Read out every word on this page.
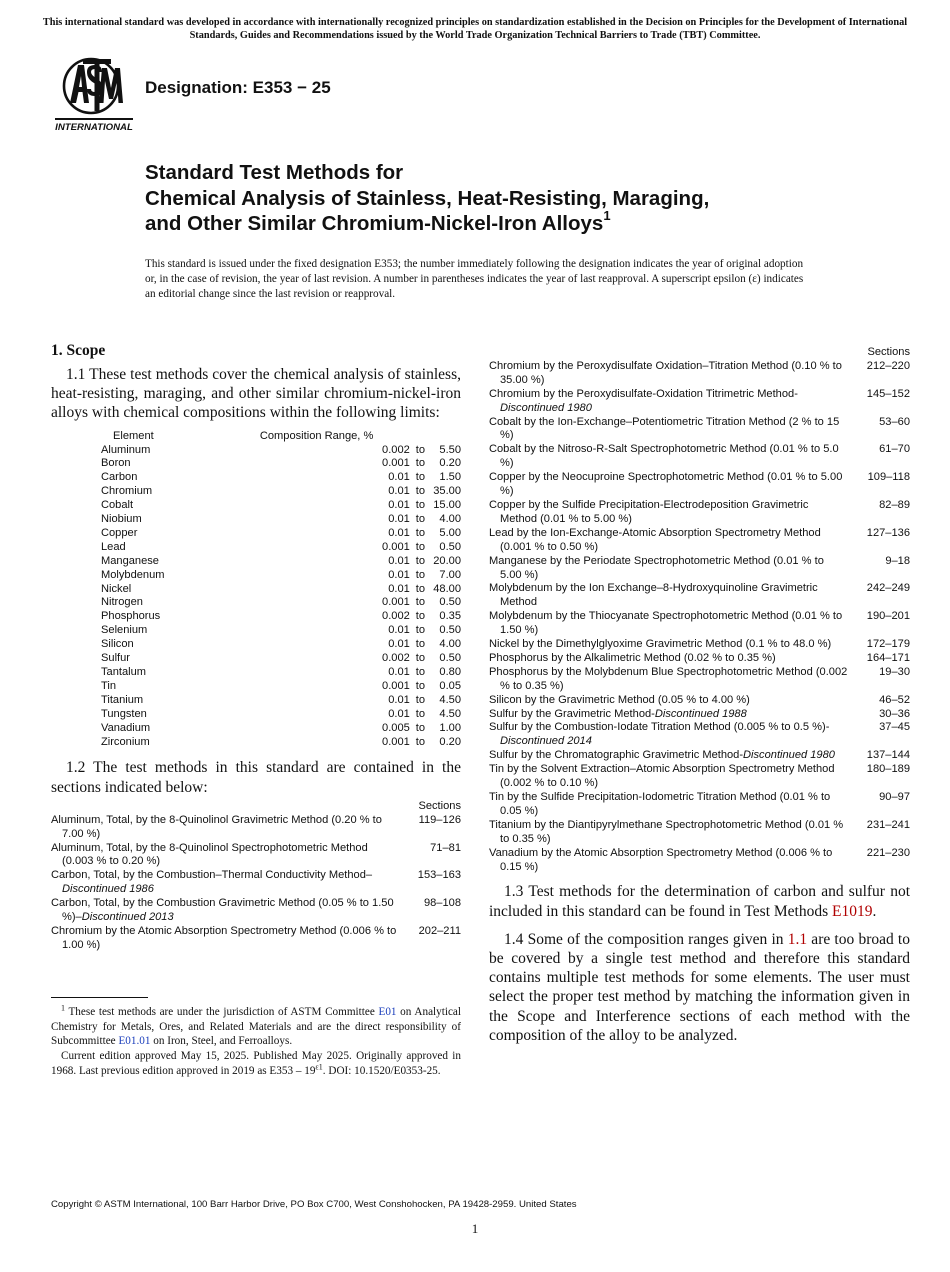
This international standard was developed in accordance with internationally recognized principles on standardization established in the Decision on Principles for the Development of International Standards, Guides and Recommendations issued by the World Trade Organization Technical Barriers to Trade (TBT) Committee.
INTERNATIONAL
Designation: E353 − 25
Standard Test Methods for
Chemical Analysis of Stainless, Heat-Resisting, Maraging,
and Other Similar Chromium-Nickel-Iron Alloys$^1$
This standard is issued under the fixed designation E353; the number immediately following the designation indicates the year of original adoption or, in the case of revision, the year of last revision. A number in parentheses indicates the year of last reapproval. A superscript epsilon (ε) indicates an editorial change since the last revision or reapproval.
1. Scope

1.1 These test methods cover the chemical analysis of stainless, heat-resisting, maraging, and other similar chromium-nickel-iron alloys with chemical compositions within the following limits:

Element	Composition Range, %		
Aluminum	0.002	to	5.50
Boron	0.001	to	0.20
Carbon	0.01	to	1.50
Chromium	0.01	to	35.00
Cobalt	0.01	to	15.00
Niobium	0.01	to	4.00
Copper	0.01	to	5.00
Lead	0.001	to	0.50
Manganese	0.01	to	20.00
Molybdenum	0.01	to	7.00
Nickel	0.01	to	48.00
Nitrogen	0.001	to	0.50
Phosphorus	0.002	to	0.35
Selenium	0.01	to	0.50
Silicon	0.01	to	4.00
Sulfur	0.002	to	0.50
Tantalum	0.01	to	0.80
Tin	0.001	to	0.05
Titanium	0.01	to	4.50
Tungsten	0.01	to	4.50
Vanadium	0.005	to	1.00
Zirconium	0.001	to	0.20

1.2 The test methods in this standard are contained in the sections indicated below:

Sections
Aluminum, Total, by the 8-Quinolinol Gravimetric Method (0.20 % to 7.00 %)
119–126
Aluminum, Total, by the 8-Quinolinol Spectrophotometric Method (0.003 % to 0.20 %)
71–81
Carbon, Total, by the Combustion–Thermal Conductivity Method–Discontinued 1986
153–163
Carbon, Total, by the Combustion Gravimetric Method (0.05 % to 1.50 %)–Discontinued 2013
98–108
Chromium by the Atomic Absorption Spectrometry Method (0.006 % to 1.00 %)
202–211
Sections
Chromium by the Peroxydisulfate Oxidation–Titration Method (0.10 % to 35.00 %)
212–220
Chromium by the Peroxydisulfate-Oxidation Titrimetric Method-Discontinued 1980
145–152
Cobalt by the Ion-Exchange–Potentiometric Titration Method (2 % to 15 %)
53–60
Cobalt by the Nitroso-R-Salt Spectrophotometric Method (0.01 % to 5.0 %)
61–70
Copper by the Neocuproine Spectrophotometric Method (0.01 % to 5.00 %)
109–118
Copper by the Sulfide Precipitation-Electrodeposition Gravimetric Method (0.01 % to 5.00 %)
82–89
Lead by the Ion-Exchange-Atomic Absorption Spectrometry Method (0.001 % to 0.50 %)
127–136
Manganese by the Periodate Spectrophotometric Method (0.01 % to 5.00 %)
9–18
Molybdenum by the Ion Exchange–8-Hydroxyquinoline Gravimetric Method
242–249
Molybdenum by the Thiocyanate Spectrophotometric Method (0.01 % to 1.50 %)
190–201
Nickel by the Dimethylglyoxime Gravimetric Method (0.1 % to 48.0 %)	172–179
Phosphorus by the Alkalimetric Method (0.02 % to 0.35 %)	164–171
Phosphorus by the Molybdenum Blue Spectrophotometric Method (0.002 % to 0.35 %)
19–30
Silicon by the Gravimetric Method (0.05 % to 4.00 %)	46–52
Sulfur by the Gravimetric Method-Discontinued 1988	30–36
Sulfur by the Combustion-Iodate Titration Method (0.005 % to 0.5 %)-Discontinued 2014
37–45
Sulfur by the Chromatographic Gravimetric Method-Discontinued 1980	137–144
Tin by the Solvent Extraction–Atomic Absorption Spectrometry Method (0.002 % to 0.10 %)
180–189
Tin by the Sulfide Precipitation-Iodometric Titration Method (0.01 % to 0.05 %)
90–97
Titanium by the Diantipyrylmethane Spectrophotometric Method (0.01 % to 0.35 %)
231–241
Vanadium by the Atomic Absorption Spectrometry Method (0.006 % to 0.15 %)
221–230

1.3 Test methods for the determination of carbon and sulfur not included in this standard can be found in Test Methods E1019.

1.4 Some of the composition ranges given in 1.1 are too broad to be covered by a single test method and therefore this standard contains multiple test methods for some elements. The user must select the proper test method by matching the information given in the Scope and Interference sections of each method with the composition of the alloy to be analyzed.

$^1$ These test methods are under the jurisdiction of ASTM Committee E01 on Analytical Chemistry for Metals, Ores, and Related Materials and are the direct responsibility of Subcommittee E01.01 on Iron, Steel, and Ferroalloys.

Current edition approved May 15, 2025. Published May 2025. Originally approved in 1968. Last previous edition approved in 2019 as $E353 - 19^{\varepsilon 1}$. DOI: 10.1520/E0353-25.

Copyright © ASTM International, 100 Barr Harbor Drive, PO Box C700, West Conshohocken, PA 19428-2959. United States
1
